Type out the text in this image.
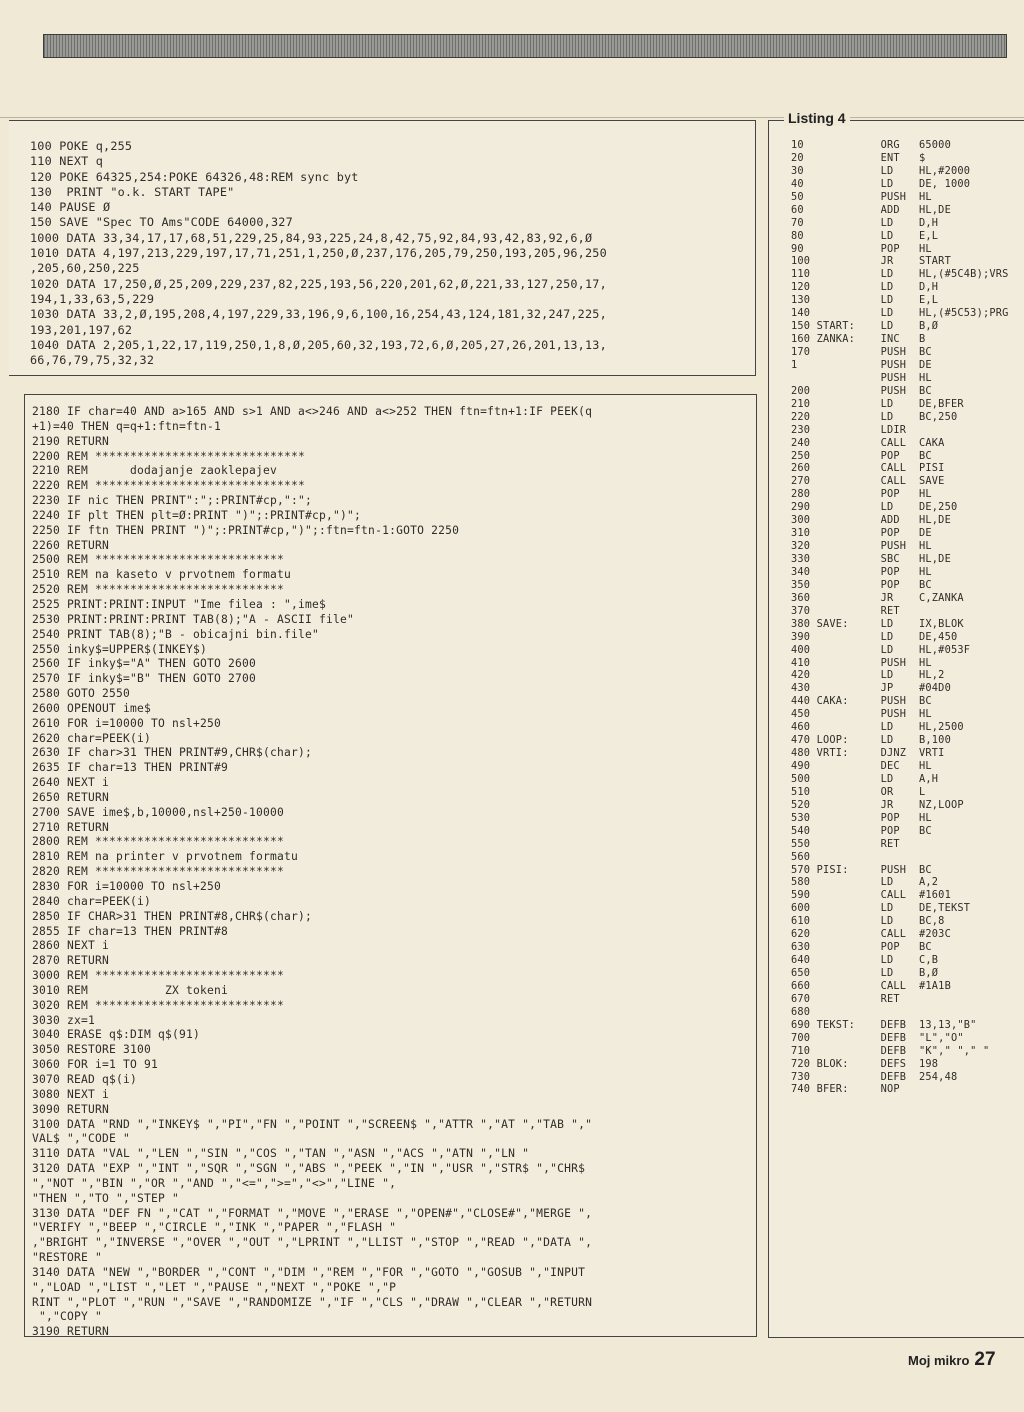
100 POKE q,255
110 NEXT q
120 POKE 64325,254:POKE 64326,48:REM sync byt
130  PRINT "o.k. START TAPE"
140 PAUSE Ø
150 SAVE "Spec TO Ams"CODE 64000,327
1000 DATA 33,34,17,17,68,51,229,25,84,93,225,24,8,42,75,92,84,93,42,83,92,6,Ø
1010 DATA 4,197,213,229,197,17,71,251,1,250,Ø,237,176,205,79,250,193,205,96,250
,205,60,250,225
1020 DATA 17,250,Ø,25,209,229,237,82,225,193,56,220,201,62,Ø,221,33,127,250,17,
194,1,33,63,5,229
1030 DATA 33,2,Ø,195,208,4,197,229,33,196,9,6,100,16,254,43,124,181,32,247,225,
193,201,197,62
1040 DATA 2,205,1,22,17,119,250,1,8,Ø,205,60,32,193,72,6,Ø,205,27,26,201,13,13,
66,76,79,75,32,32
2180 IF char=40 AND a>165 AND s>1 AND a<>246 AND a<>252 THEN ftn=ftn+1:IF PEEK(q
+1)=40 THEN q=q+1:ftn=ftn-1
2190 RETURN
2200 REM ******************************
2210 REM      dodajanje zaoklepajev
2220 REM ******************************
2230 IF nic THEN PRINT":";:PRINT#cp,":";
2240 IF plt THEN plt=Ø:PRINT ")";:PRINT#cp,")";
2250 IF ftn THEN PRINT ")";:PRINT#cp,")";:ftn=ftn-1:GOTO 2250
2260 RETURN
2500 REM ***************************
2510 REM na kaseto v prvotnem formatu
2520 REM ***************************
2525 PRINT:PRINT:INPUT "Ime filea : ",ime$
2530 PRINT:PRINT:PRINT TAB(8);"A - ASCII file"
2540 PRINT TAB(8);"B - obicajni bin.file"
2550 inky$=UPPER$(INKEY$)
2560 IF inky$="A" THEN GOTO 2600
2570 IF inky$="B" THEN GOTO 2700
2580 GOTO 2550
2600 OPENOUT ime$
2610 FOR i=10000 TO nsl+250
2620 char=PEEK(i)
2630 IF char>31 THEN PRINT#9,CHR$(char);
2635 IF char=13 THEN PRINT#9
2640 NEXT i
2650 RETURN
2700 SAVE ime$,b,10000,nsl+250-10000
2710 RETURN
2800 REM ***************************
2810 REM na printer v prvotnem formatu
2820 REM ***************************
2830 FOR i=10000 TO nsl+250
2840 char=PEEK(i)
2850 IF CHAR>31 THEN PRINT#8,CHR$(char);
2855 IF char=13 THEN PRINT#8
2860 NEXT i
2870 RETURN
3000 REM ***************************
3010 REM           ZX tokeni
3020 REM ***************************
3030 zx=1
3040 ERASE q$:DIM q$(91)
3050 RESTORE 3100
3060 FOR i=1 TO 91
3070 READ q$(i)
3080 NEXT i
3090 RETURN
3100 DATA "RND ","INKEY$ ","PI","FN ","POINT ","SCREEN$ ","ATTR ","AT ","TAB ","
VAL$ ","CODE "
3110 DATA "VAL ","LEN ","SIN ","COS ","TAN ","ASN ","ACS ","ATN ","LN "
3120 DATA "EXP ","INT ","SQR ","SGN ","ABS ","PEEK ","IN ","USR ","STR$ ","CHR$
","NOT ","BIN ","OR ","AND ","<=",">=","<>","LINE ",
"THEN ","TO ","STEP "
3130 DATA "DEF FN ","CAT ","FORMAT ","MOVE ","ERASE ","OPEN#","CLOSE#","MERGE ",
"VERIFY ","BEEP ","CIRCLE ","INK ","PAPER ","FLASH "
,"BRIGHT ","INVERSE ","OVER ","OUT ","LPRINT ","LLIST ","STOP ","READ ","DATA ",
"RESTORE "
3140 DATA "NEW ","BORDER ","CONT ","DIM ","REM ","FOR ","GOTO ","GOSUB ","INPUT
","LOAD ","LIST ","LET ","PAUSE ","NEXT ","POKE ","P
RINT ","PLOT ","RUN ","SAVE ","RANDOMIZE ","IF ","CLS ","DRAW ","CLEAR ","RETURN
","COPY "
3190 RETURN
10            ORG   65000
20            ENT   $
30            LD    HL,#2000
40            LD    DE, 1000
50            PUSH  HL
60            ADD   HL,DE
70            LD    D,H
80            LD    E,L
90            POP   HL
100           JR    START
110           LD    HL,(#5C4B);VRS
120           LD    D,H
130           LD    E,L
140           LD    HL,(#5C53);PRG
150 START:    LD    B,Ø
160 ZANKA:    INC   B
170           PUSH  BC
1             PUSH  DE
PUSH  HL
200           PUSH  BC
210           LD    DE,BFER
220           LD    BC,250
230           LDIR
240           CALL  CAKA
250           POP   BC
260           CALL  PISI
270           CALL  SAVE
280           POP   HL
290           LD    DE,250
300           ADD   HL,DE
310           POP   DE
320           PUSH  HL
330           SBC   HL,DE
340           POP   HL
350           POP   BC
360           JR    C,ZANKA
370           RET
380 SAVE:     LD    IX,BLOK
390           LD    DE,450
400           LD    HL,#053F
410           PUSH  HL
420           LD    HL,2
430           JP    #04D0
440 CAKA:     PUSH  BC
450           PUSH  HL
460           LD    HL,2500
470 LOOP:     LD    B,100
480 VRTI:     DJNZ  VRTI
490           DEC   HL
500           LD    A,H
510           OR    L
520           JR    NZ,LOOP
530           POP   HL
540           POP   BC
550           RET
560
570 PISI:     PUSH  BC
580           LD    A,2
590           CALL  #1601
600           LD    DE,TEKST
610           LD    BC,8
620           CALL  #203C
630           POP   BC
640           LD    C,B
650           LD    B,Ø
660           CALL  #1A1B
670           RET
680
690 TEKST:    DEFB  13,13,"B"
700           DEFB  "L","O"
710           DEFB  "K"," "," "
720 BLOK:     DEFS  198
730           DEFB  254,48
740 BFER:     NOP
Listing 4
Moj mikro 27
